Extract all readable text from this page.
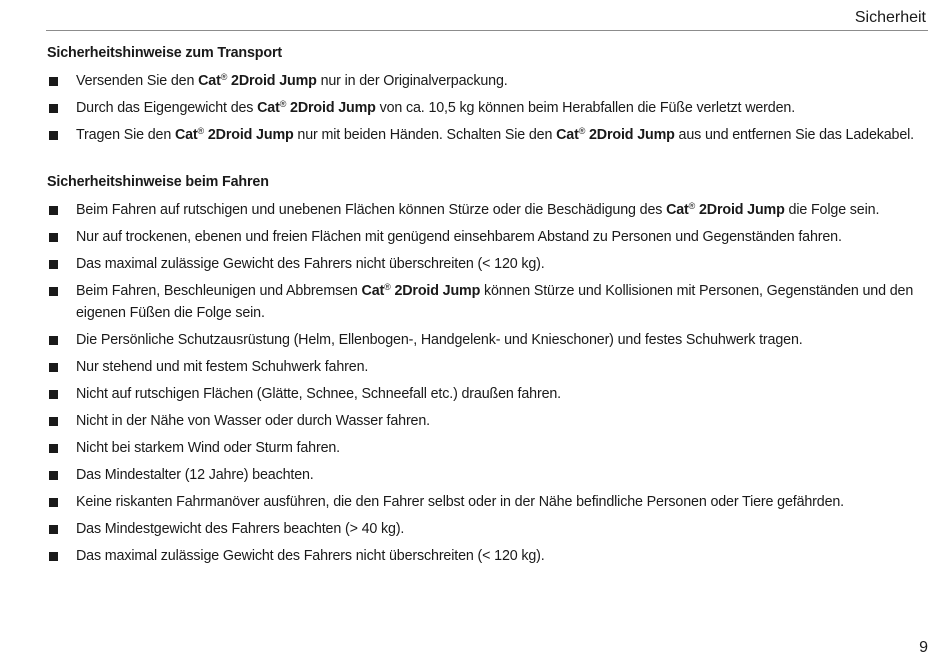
Sicherheit
Sicherheitshinweise zum Transport
Versenden Sie den Cat® 2Droid Jump nur in der Originalverpackung.
Durch das Eigengewicht des Cat® 2Droid Jump von ca. 10,5 kg können beim Herabfallen die Füße verletzt werden.
Tragen Sie den Cat® 2Droid Jump nur mit beiden Händen. Schalten Sie den Cat® 2Droid Jump aus und entfernen Sie das Ladekabel.
Sicherheitshinweise beim Fahren
Beim Fahren auf rutschigen und unebenen Flächen können Stürze oder die Beschädigung des Cat® 2Droid Jump die Folge sein.
Nur auf trockenen, ebenen und freien Flächen mit genügend einsehbarem Abstand zu Personen und Gegenständen fahren.
Das maximal zulässige Gewicht des Fahrers nicht überschreiten (< 120 kg).
Beim Fahren, Beschleunigen und Abbremsen Cat® 2Droid Jump können Stürze und Kollisionen mit Personen, Gegenständen und den eigenen Füßen die Folge sein.
Die Persönliche Schutzausrüstung (Helm, Ellenbogen-, Handgelenk- und Knieschoner) und festes Schuhwerk tragen.
Nur stehend und mit festem Schuhwerk fahren.
Nicht auf rutschigen Flächen (Glätte, Schnee, Schneefall etc.) draußen fahren.
Nicht in der Nähe von Wasser oder durch Wasser fahren.
Nicht bei starkem Wind oder Sturm fahren.
Das Mindestalter (12 Jahre) beachten.
Keine riskanten Fahrmanöver ausführen, die den Fahrer selbst oder in der Nähe befindliche Personen oder Tiere gefährden.
Das Mindestgewicht des Fahrers beachten (> 40 kg).
Das maximal zulässige Gewicht des Fahrers nicht überschreiten (< 120 kg).
9
